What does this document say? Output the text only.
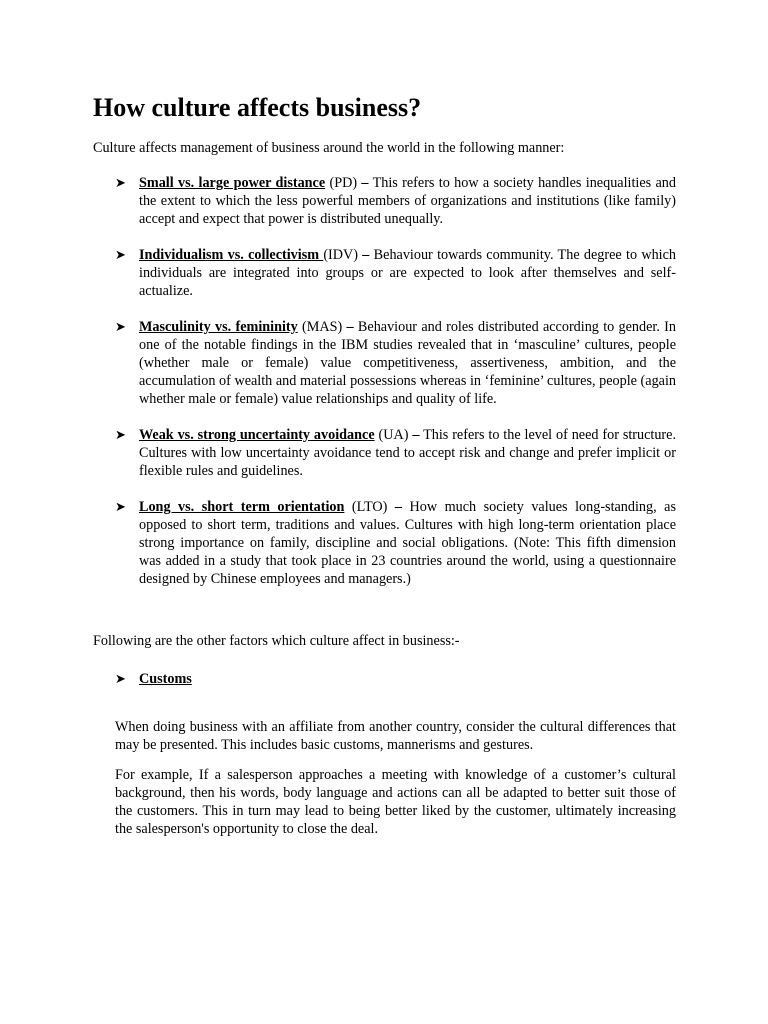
How culture affects business?

Culture affects management of business around the world in the following manner:

➤ Small vs. large power distance (PD) – This refers to how a society handles inequalities and the extent to which the less powerful members of organizations and institutions (like family) accept and expect that power is distributed unequally.
➤ Individualism vs. collectivism (IDV) – Behaviour towards community. The degree to which individuals are integrated into groups or are expected to look after themselves and self-actualize.
➤ Masculinity vs. femininity (MAS) – Behaviour and roles distributed according to gender. In one of the notable findings in the IBM studies revealed that in ‘masculine’ cultures, people (whether male or female) value competitiveness, assertiveness, ambition, and the accumulation of wealth and material possessions whereas in ‘feminine’ cultures, people (again whether male or female) value relationships and quality of life.
➤ Weak vs. strong uncertainty avoidance (UA) – This refers to the level of need for structure. Cultures with low uncertainty avoidance tend to accept risk and change and prefer implicit or flexible rules and guidelines.
➤ Long vs. short term orientation (LTO) – How much society values long-standing, as opposed to short term, traditions and values. Cultures with high long-term orientation place strong importance on family, discipline and social obligations. (Note: This fifth dimension was added in a study that took place in 23 countries around the world, using a questionnaire designed by Chinese employees and managers.)

Following are the other factors which culture affect in business:-

➤ Customs

When doing business with an affiliate from another country, consider the cultural differences that may be presented. This includes basic customs, mannerisms and gestures.

For example, If a salesperson approaches a meeting with knowledge of a customer’s cultural background, then his words, body language and actions can all be adapted to better suit those of the customers. This in turn may lead to being better liked by the customer, ultimately increasing the salesperson's opportunity to close the deal.
